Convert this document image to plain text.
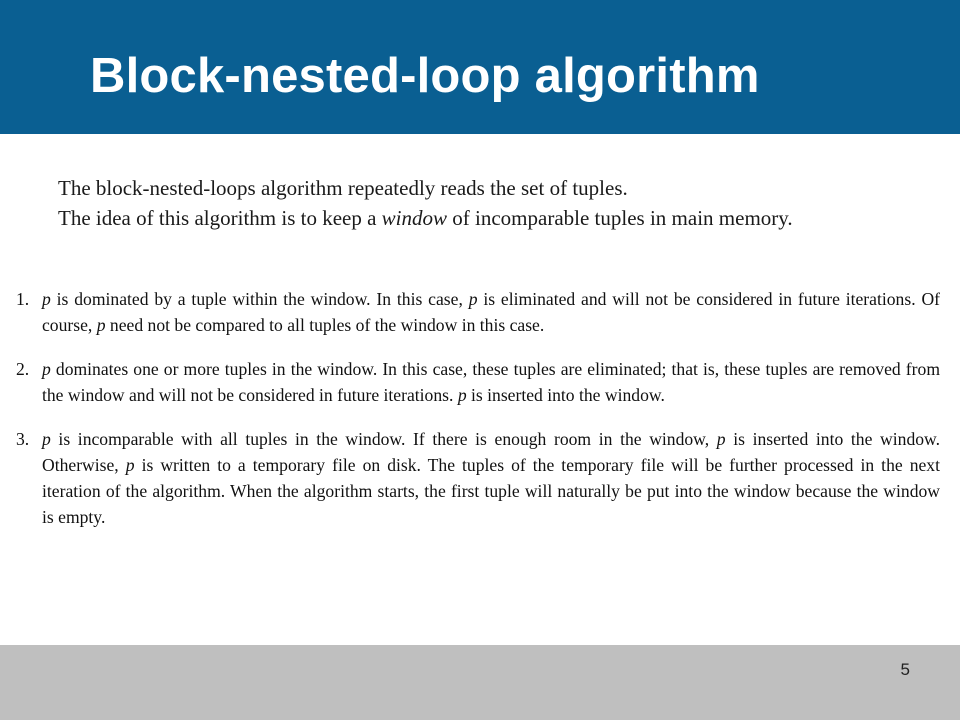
Block-nested-loop algorithm

The block-nested-loops algorithm repeatedly reads the set of tuples.

The idea of this algorithm is to keep a window of incomparable tuples in main memory.

1. p is dominated by a tuple within the window. In this case, p is eliminated and will not be considered in future iterations. Of course, p need not be compared to all tuples of the window in this case.
2. p dominates one or more tuples in the window. In this case, these tuples are eliminated; that is, these tuples are removed from the window and will not be considered in future iterations. p is inserted into the window.
3. p is incomparable with all tuples in the window. If there is enough room in the window, p is inserted into the window. Otherwise, p is written to a temporary file on disk. The tuples of the temporary file will be further processed in the next iteration of the algorithm. When the algorithm starts, the first tuple will naturally be put into the window because the window is empty.
5
